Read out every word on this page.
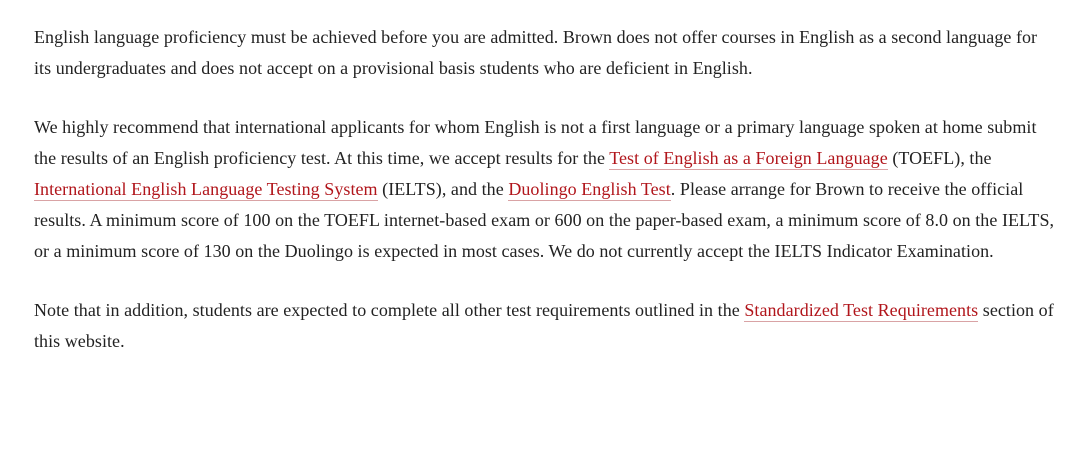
English language proficiency must be achieved before you are admitted. Brown does not offer courses in English as a second language for its undergraduates and does not accept on a provisional basis students who are deficient in English.

We highly recommend that international applicants for whom English is not a first language or a primary language spoken at home submit the results of an English proficiency test. At this time, we accept results for the Test of English as a Foreign Language (TOEFL), the International English Language Testing System (IELTS), and the Duolingo English Test. Please arrange for Brown to receive the official results. A minimum score of 100 on the TOEFL internet-based exam or 600 on the paper-based exam, a minimum score of 8.0 on the IELTS, or a minimum score of 130 on the Duolingo is expected in most cases. We do not currently accept the IELTS Indicator Examination.

Note that in addition, students are expected to complete all other test requirements outlined in the Standardized Test Requirements section of this website.
